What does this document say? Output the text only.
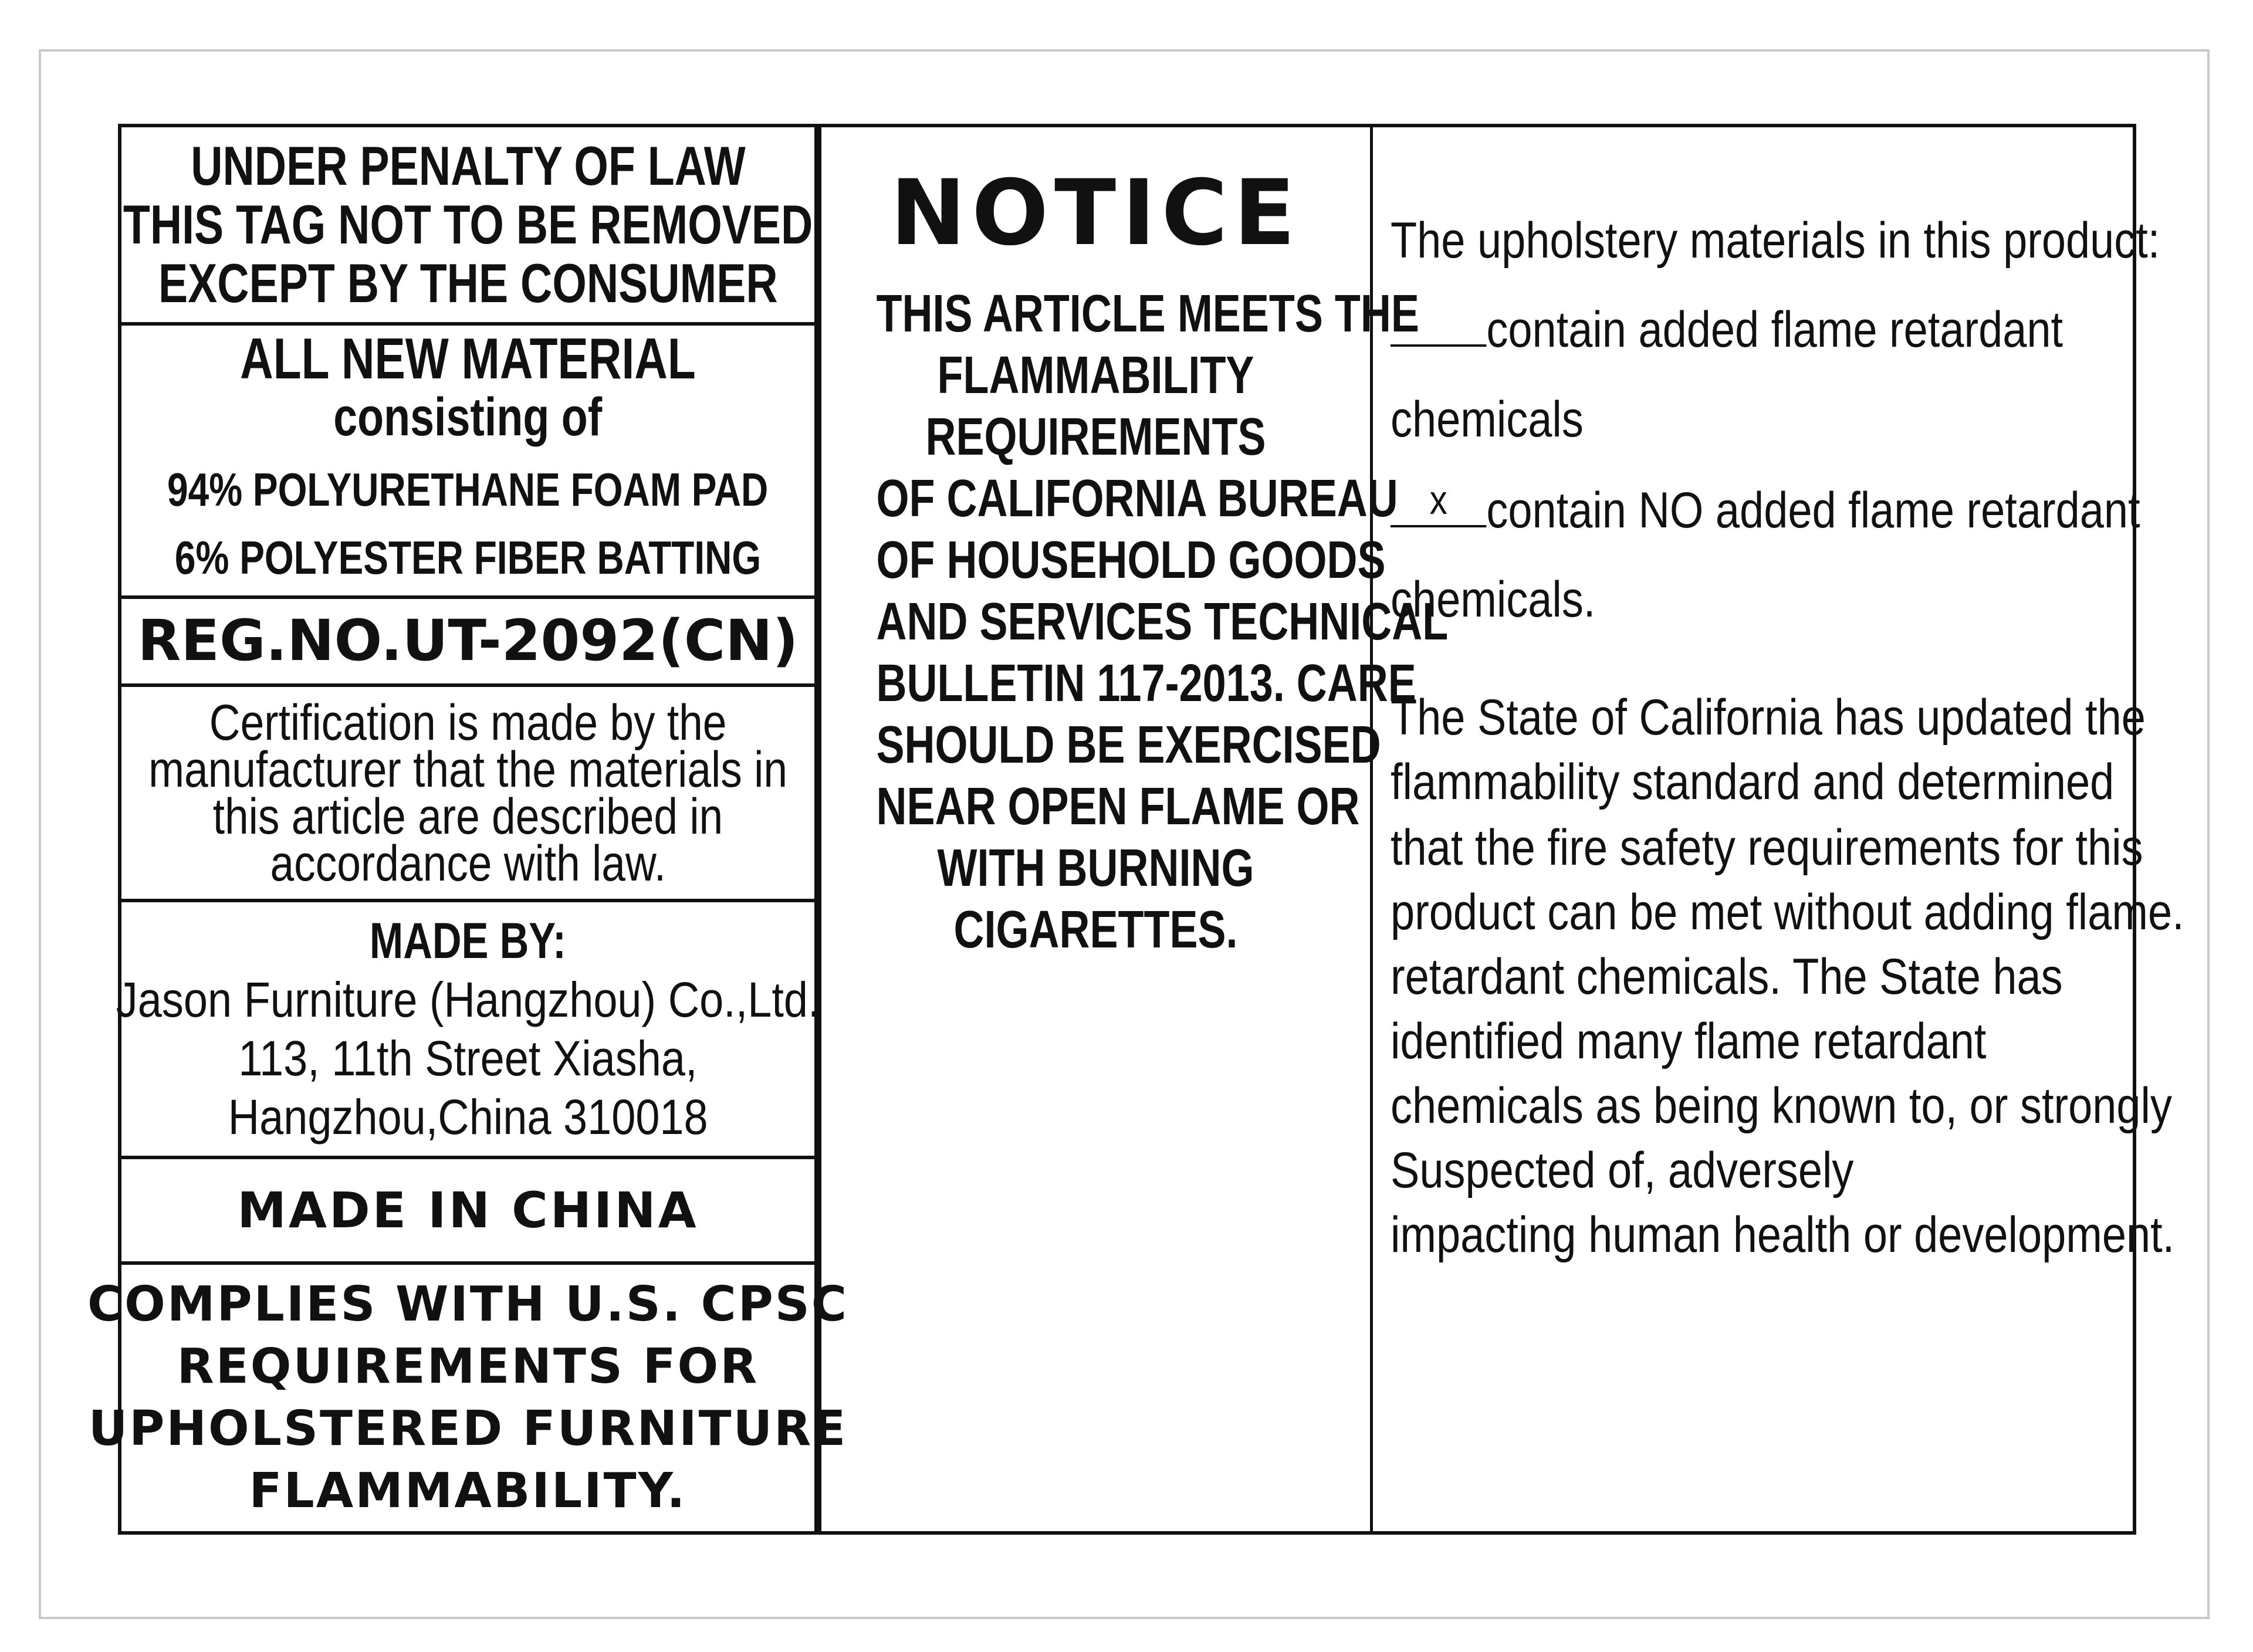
UNDER PENALTY OF LAW
THIS TAG NOT TO BE REMOVED
EXCEPT BY THE CONSUMER
ALL NEW MATERIAL
consisting of
94% POLYURETHANE FOAM PAD
6% POLYESTER FIBER BATTING
REG.NO.UT-2092(CN)
Certification is made by the
manufacturer that the materials in
this article are described in
accordance with law.
MADE BY:
Jason Furniture (Hangzhou) Co.,Ltd.
113, 11th Street Xiasha,
Hangzhou,China 310018
MADE IN CHINA
COMPLIES WITH U.S. CPSC
REQUIREMENTS FOR
UPHOLSTERED FURNITURE
FLAMMABILITY.
NOTICE
THIS ARTICLE MEETS THE
FLAMMABILITY
REQUIREMENTS
OF CALIFORNIA BUREAU
OF HOUSEHOLD GOODS
AND SERVICES TECHNICAL
BULLETIN 117-2013. CARE
SHOULD BE EXERCISED
NEAR OPEN FLAME OR
WITH BURNING
CIGARETTES.
The upholstery materials in this product:
contain added flame retardant
chemicals
x contain NO added flame retardant
chemicals.
The State of California has updated the
flammability standard and determined
that the fire safety requirements for this
product can be met without adding flame.
retardant chemicals. The State has
identified many flame retardant
chemicals as being known to, or strongly
Suspected of, adversely
impacting human health or development.
